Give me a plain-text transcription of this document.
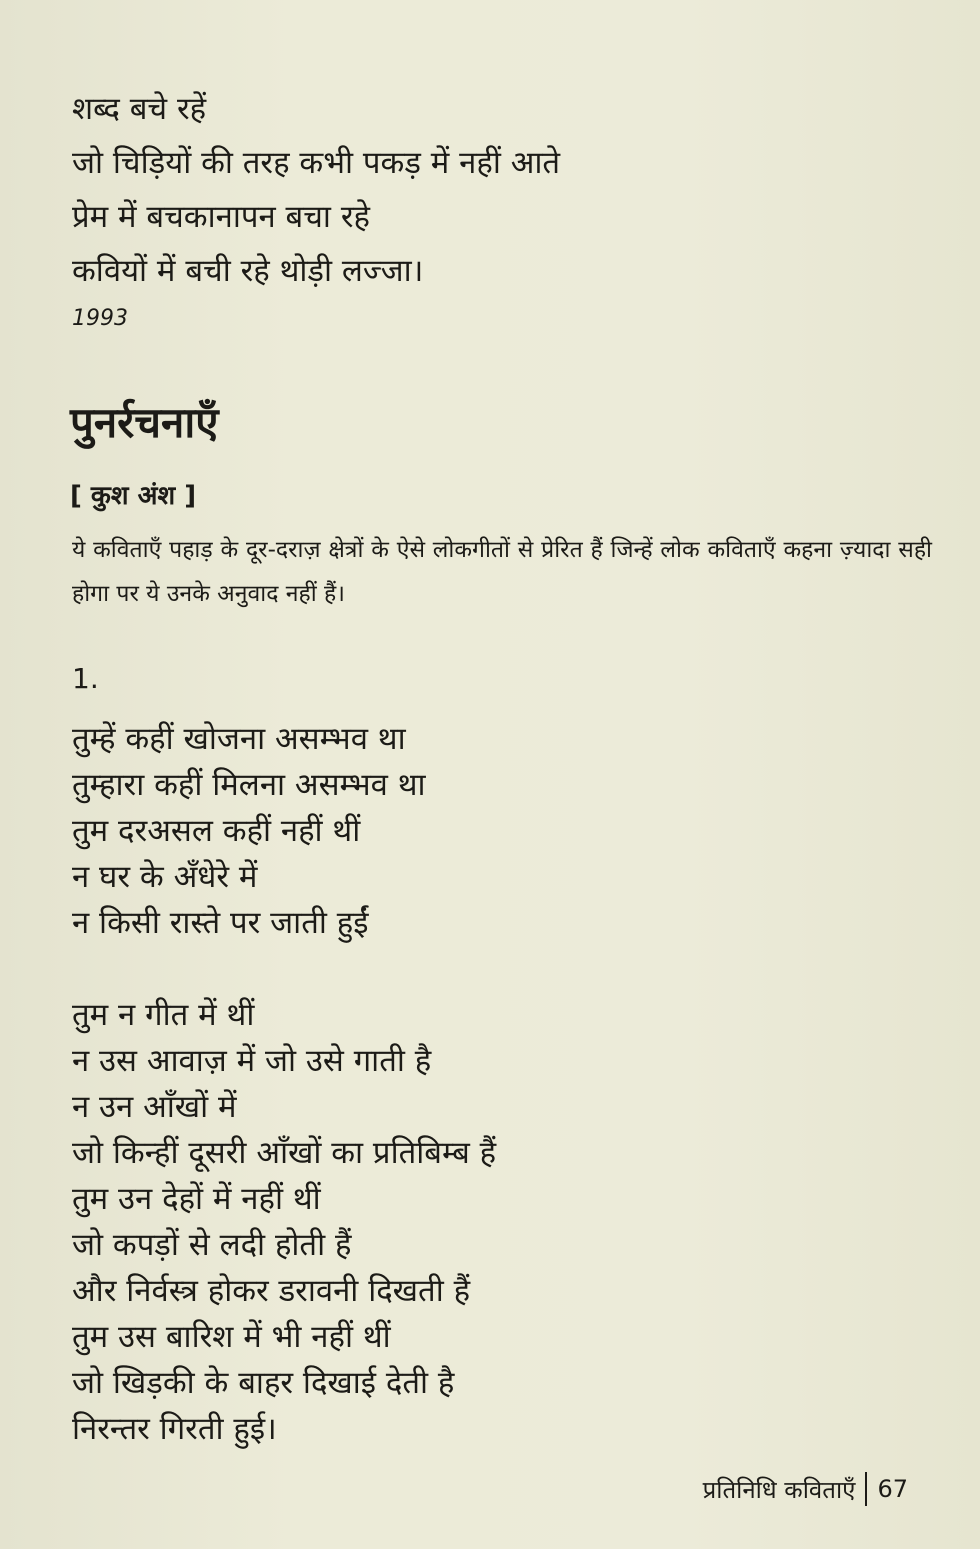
शब्द बचे रहें
जो चिड़ियों की तरह कभी पकड़ में नहीं आते
प्रेम में बचकानापन बचा रहे
कवियों में बची रहे थोड़ी लज्जा।
1993
पुनर्रचनाएँ
[ कुश अंश ]
ये कविताएँ पहाड़ के दूर-दराज़ क्षेत्रों के ऐसे लोकगीतों से प्रेरित हैं जिन्हें लोक कविताएँ कहना ज़्यादा सही होगा पर ये उनके अनुवाद नहीं हैं।
1.
तुम्हें कहीं खोजना असम्भव था
तुम्हारा कहीं मिलना असम्भव था
तुम दरअसल कहीं नहीं थीं
न घर के अँधेरे में
न किसी रास्ते पर जाती हुईं
तुम न गीत में थीं
न उस आवाज़ में जो उसे गाती है
न उन आँखों में
जो किन्हीं दूसरी आँखों का प्रतिबिम्ब हैं
तुम उन देहों में नहीं थीं
जो कपड़ों से लदी होती हैं
और निर्वस्त्र होकर डरावनी दिखती हैं
तुम उस बारिश में भी नहीं थीं
जो खिड़की के बाहर दिखाई देती है
निरन्तर गिरती हुई।
प्रतिनिधि कविताएँ 67
